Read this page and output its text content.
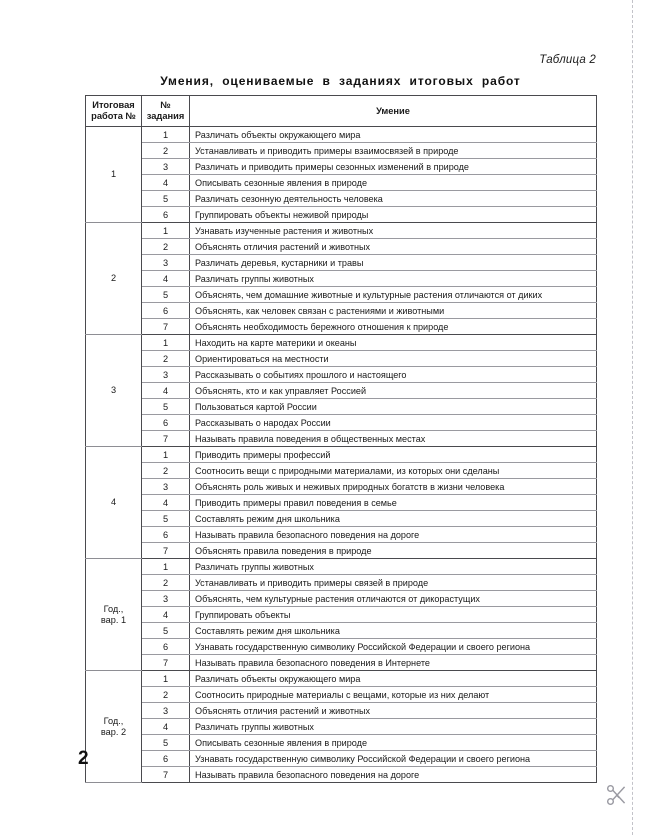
Таблица 2
Умения, оцениваемые в заданиях итоговых работ
Итоговая
работа №	№
задания	Умение
1	1	Различать объекты окружающего мира
	2	Устанавливать и приводить примеры взаимосвязей в природе
	3	Различать и приводить примеры сезонных изменений в природе
	4	Описывать сезонные явления в природе
	5	Различать сезонную деятельность человека
	6	Группировать объекты неживой природы
2	1	Узнавать изученные растения и животных
	2	Объяснять отличия растений и животных
	3	Различать деревья, кустарники и травы
	4	Различать группы животных
	5	Объяснять, чем домашние животные и культурные растения отличаются от диких
	6	Объяснять, как человек связан с растениями и животными
	7	Объяснять необходимость бережного отношения к природе
3	1	Находить на карте материки и океаны
	2	Ориентироваться на местности
	3	Рассказывать о событиях прошлого и настоящего
	4	Объяснять, кто и как управляет Россией
	5	Пользоваться картой России
	6	Рассказывать о народах России
	7	Называть правила поведения в общественных местах
4	1	Приводить примеры профессий
	2	Соотносить вещи с природными материалами, из которых они сделаны
	3	Объяснять роль живых и неживых природных богатств в жизни человека
	4	Приводить примеры правил поведения в семье
	5	Составлять режим дня школьника
	6	Называть правила безопасного поведения на дороге
	7	Объяснять правила поведения в природе
Год.,
вар. 1	1	Различать группы животных
	2	Устанавливать и приводить примеры связей в природе
	3	Объяснять, чем культурные растения отличаются от дикорастущих
	4	Группировать объекты
	5	Составлять режим дня школьника
	6	Узнавать государственную символику Российской Федерации и своего региона
	7	Называть правила безопасного поведения в Интернете
Год.,
вар. 2	1	Различать объекты окружающего мира
	2	Соотносить природные материалы с вещами, которые из них делают
	3	Объяснять отличия растений и животных
	4	Различать группы животных
	5	Описывать сезонные явления в природе
	6	Узнавать государственную символику Российской Федерации и своего региона
	7	Называть правила безопасного поведения на дороге
2
